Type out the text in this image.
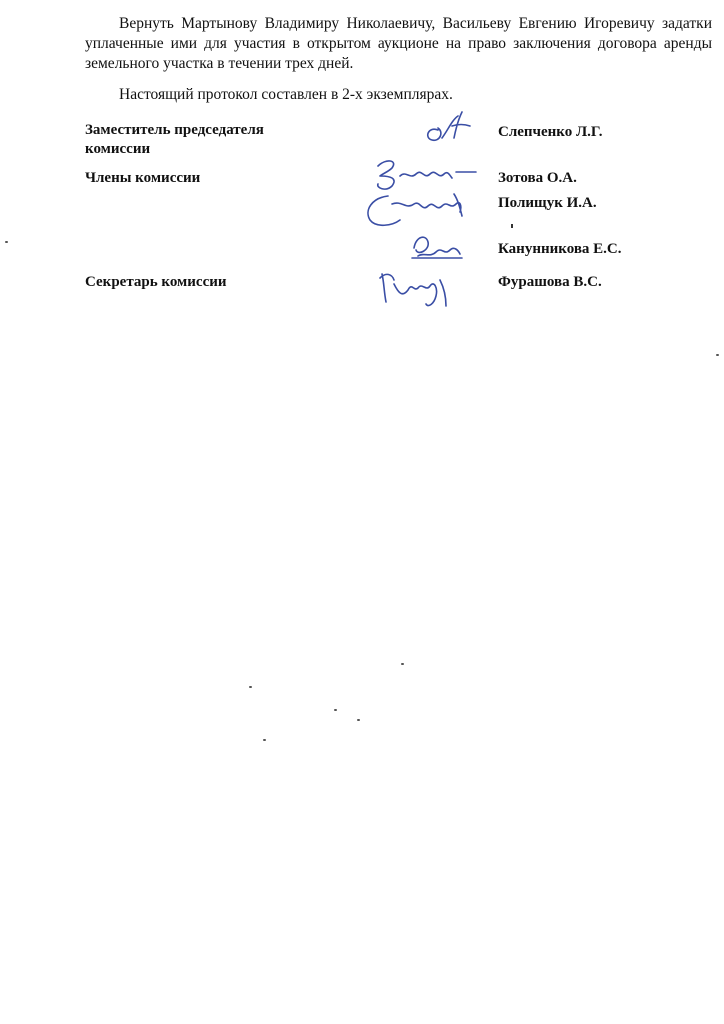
Вернуть Мартынову Владимиру Николаевичу, Васильеву Евгению Игоревичу задатки уплаченные ими для участия в открытом аукционе на право заключения договора аренды земельного участка в течении трех дней.

Настоящий протокол составлен в 2-х экземплярах.

Заместитель председателя комиссии

Слепченко Л.Г.

Члены комиссии	Зотова О.А.

Полищук И.А.

Канунникова Е.С.

Секретарь комиссии	Фурашова В.С.
